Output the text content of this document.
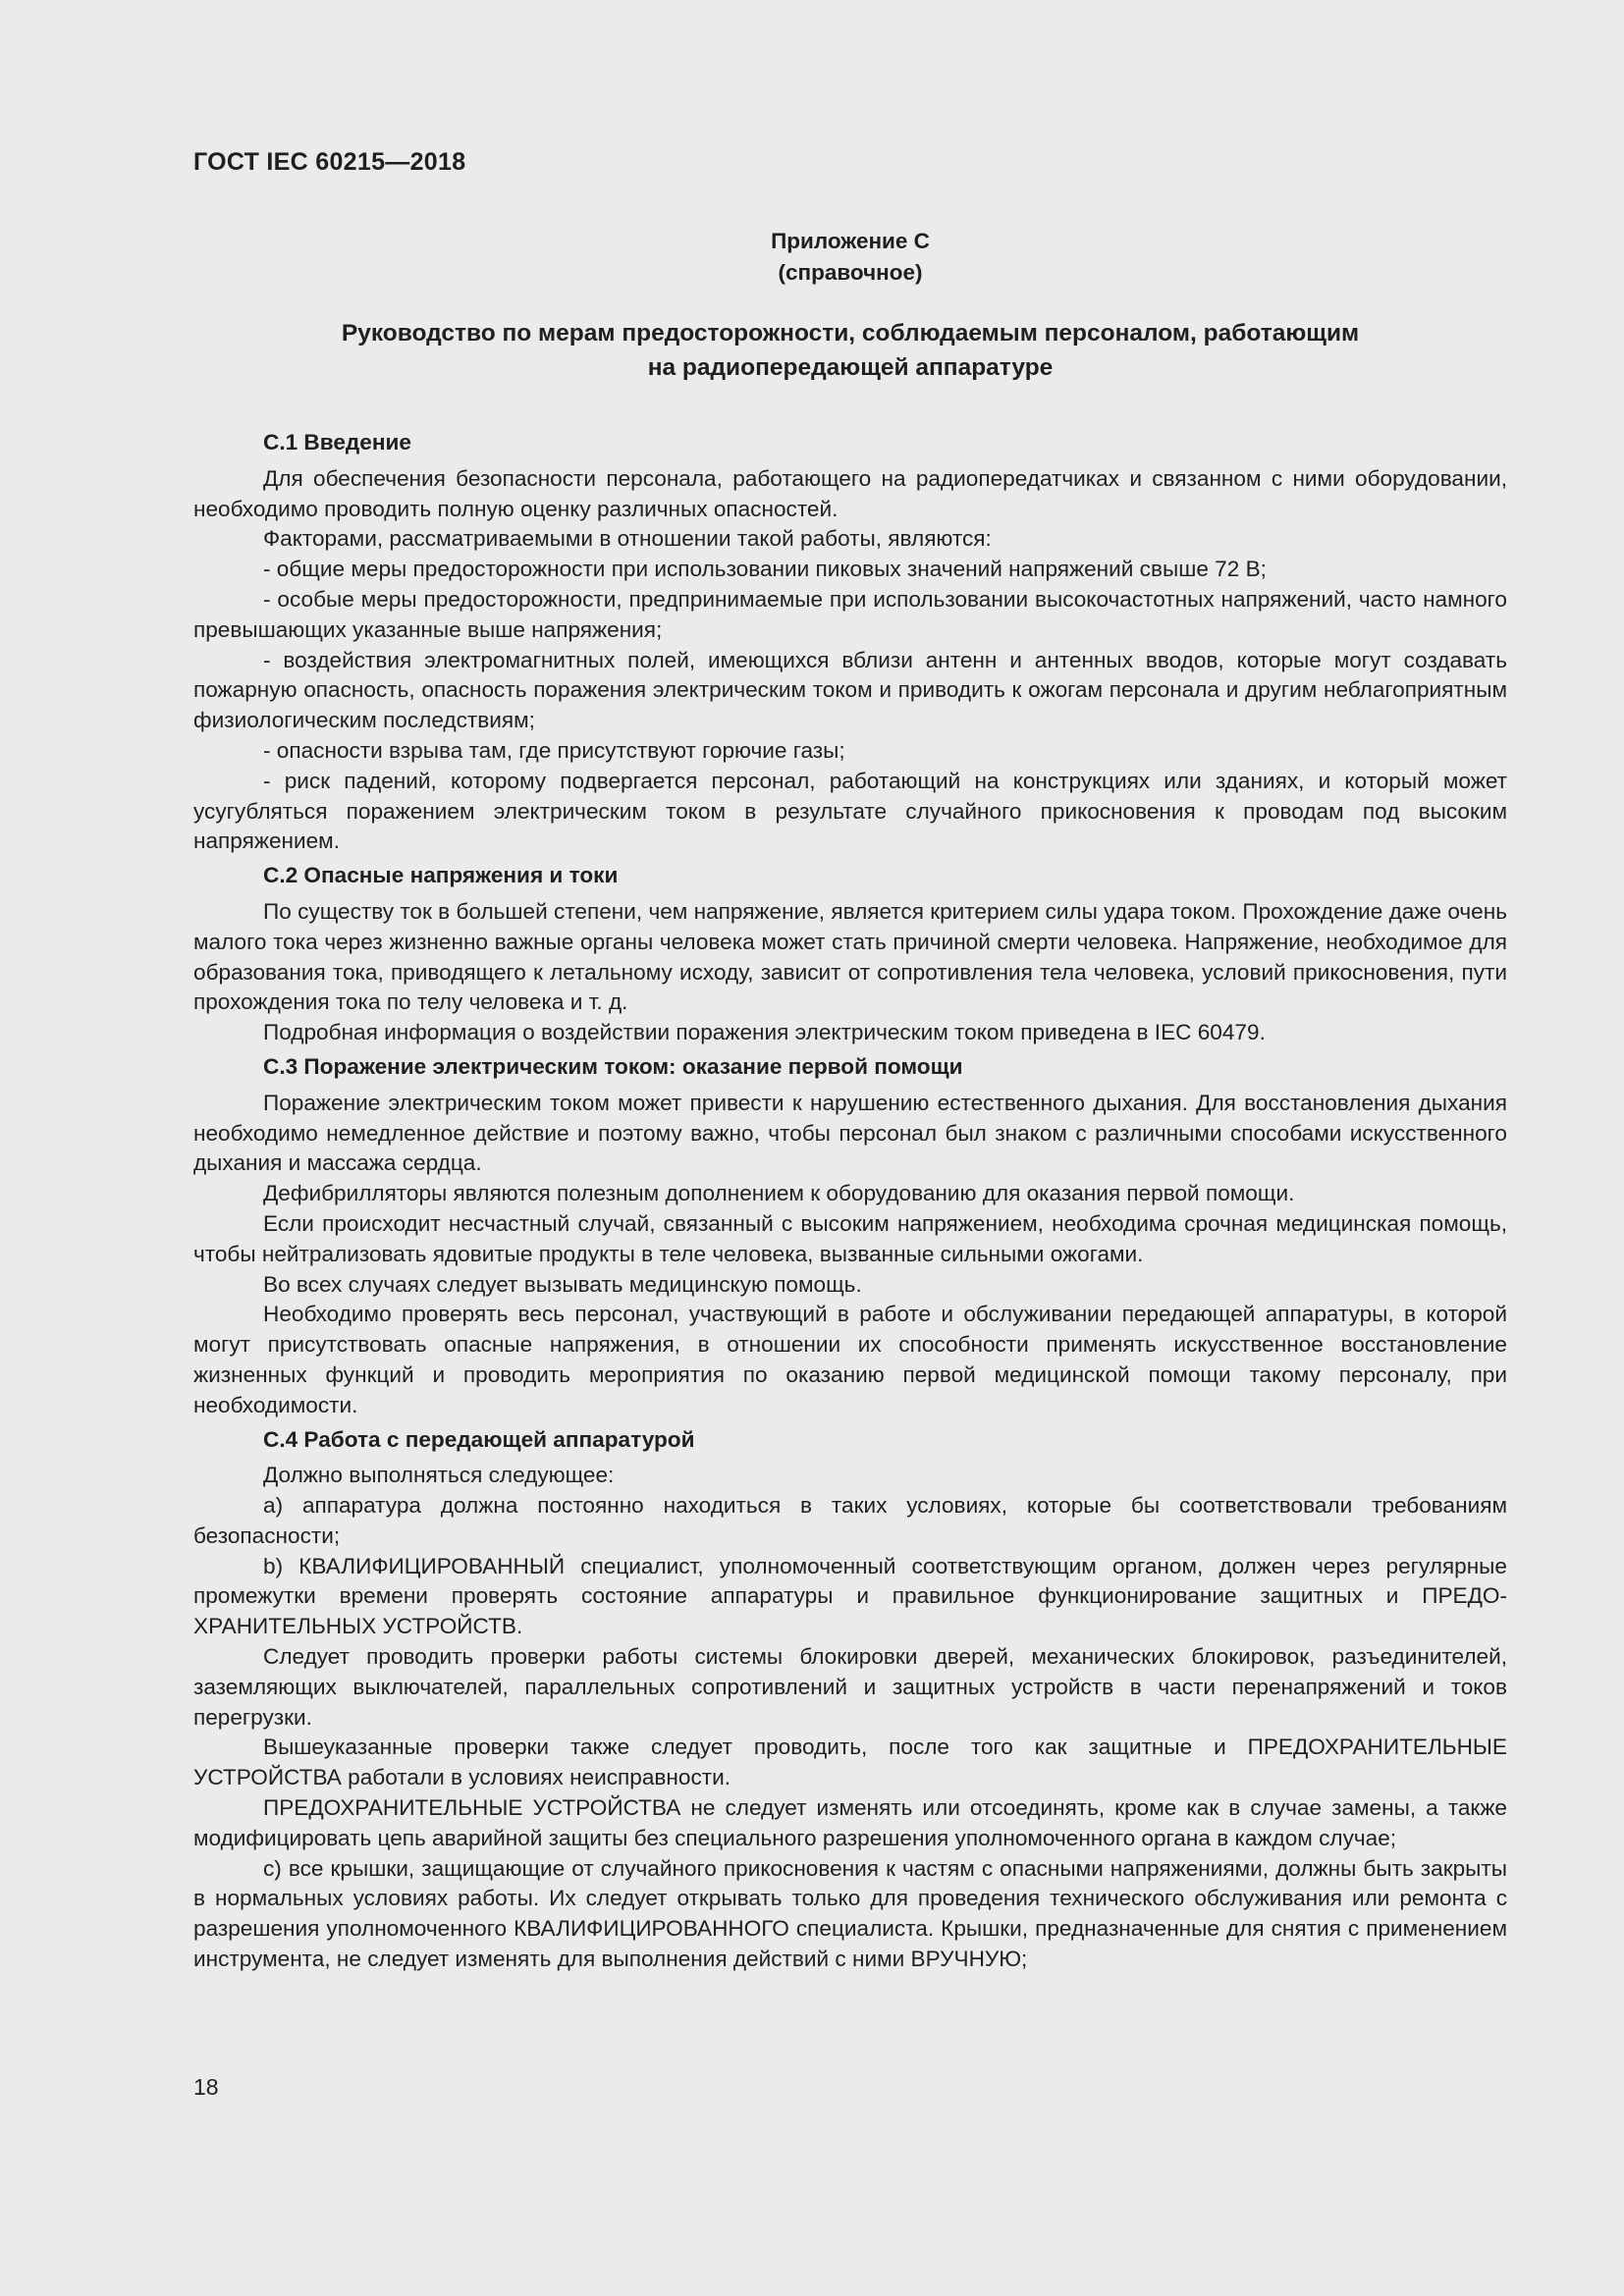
ГОСТ IEC 60215—2018
Приложение С
(справочное)
Руководство по мерам предосторожности, соблюдаемым персоналом, работающим
на радиопередающей аппаратуре
С.1 Введение

Для обеспечения безопасности персонала, работающего на радиопередатчиках и связанном с ними оборудовании, необходимо проводить полную оценку различных опасностей.

Факторами, рассматриваемыми в отношении такой работы, являются:

- общие меры предосторожности при использовании пиковых значений напряжений свыше 72 В;

- особые меры предосторожности, предпринимаемые при использовании высокочастотных напряжений, часто намного превышающих указанные выше напряжения;

- воздействия электромагнитных полей, имеющихся вблизи антенн и антенных вводов, которые могут создавать пожарную опасность, опасность поражения электрическим током и приводить к ожогам персонала и другим неблагоприятным физиологическим последствиям;

- опасности взрыва там, где присутствуют горючие газы;

- риск падений, которому подвергается персонал, работающий на конструкциях или зданиях, и который может усугубляться поражением электрическим током в результате случайного прикосновения к проводам под высоким напряжением.

С.2 Опасные напряжения и токи

По существу ток в большей степени, чем напряжение, является критерием силы удара током. Прохождение даже очень малого тока через жизненно важные органы человека может стать причиной смерти человека. Напряжение, необходимое для образования тока, приводящего к летальному исходу, зависит от сопротивления тела человека, условий прикосновения, пути прохождения тока по телу человека и т. д.

Подробная информация о воздействии поражения электрическим током приведена в IEC 60479.

С.3 Поражение электрическим током: оказание первой помощи

Поражение электрическим током может привести к нарушению естественного дыхания. Для восстановления дыхания необходимо немедленное действие и поэтому важно, чтобы персонал был знаком с различными способами искусственного дыхания и массажа сердца.

Дефибрилляторы являются полезным дополнением к оборудованию для оказания первой помощи.

Если происходит несчастный случай, связанный с высоким напряжением, необходима срочная медицинская помощь, чтобы нейтрализовать ядовитые продукты в теле человека, вызванные сильными ожогами.

Во всех случаях следует вызывать медицинскую помощь.

Необходимо проверять весь персонал, участвующий в работе и обслуживании передающей аппаратуры, в которой могут присутствовать опасные напряжения, в отношении их способности применять искусственное восстановление жизненных функций и проводить мероприятия по оказанию первой медицинской помощи такому персоналу, при необходимости.

С.4 Работа с передающей аппаратурой

Должно выполняться следующее:

а) аппаратура должна постоянно находиться в таких условиях, которые бы соответствовали требованиям безопасности;

b) КВАЛИФИЦИРОВАННЫЙ специалист, уполномоченный соответствующим органом, должен через регулярные промежутки времени проверять состояние аппаратуры и правильное функционирование защитных и ПРЕДОХРАНИТЕЛЬНЫХ УСТРОЙСТВ.

Следует проводить проверки работы системы блокировки дверей, механических блокировок, разъединителей, заземляющих выключателей, параллельных сопротивлений и защитных устройств в части перенапряжений и токов перегрузки.

Вышеуказанные проверки также следует проводить, после того как защитные и ПРЕДОХРАНИТЕЛЬНЫЕ УСТРОЙСТВА работали в условиях неисправности.

ПРЕДОХРАНИТЕЛЬНЫЕ УСТРОЙСТВА не следует изменять или отсоединять, кроме как в случае замены, а также модифицировать цепь аварийной защиты без специального разрешения уполномоченного органа в каждом случае;

с) все крышки, защищающие от случайного прикосновения к частям с опасными напряжениями, должны быть закрыты в нормальных условиях работы. Их следует открывать только для проведения технического обслуживания или ремонта с разрешения уполномоченного КВАЛИФИЦИРОВАННОГО специалиста. Крышки, предназначенные для снятия с применением инструмента, не следует изменять для выполнения действий с ними ВРУЧНУЮ;

18
